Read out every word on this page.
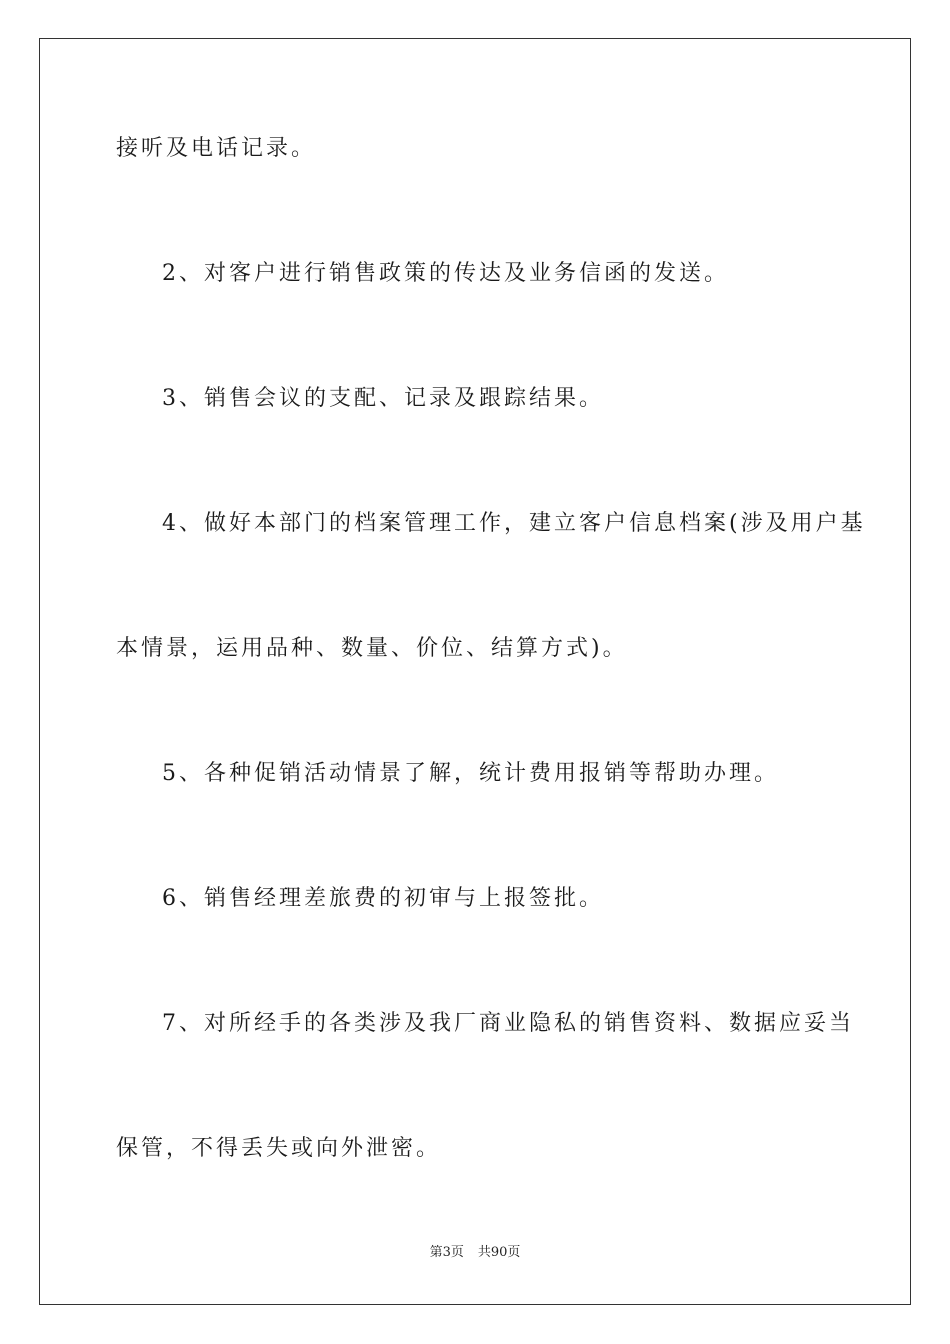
接听及电话记录。
2、对客户进行销售政策的传达及业务信函的发送。
3、销售会议的支配、记录及跟踪结果。
4、做好本部门的档案管理工作，建立客户信息档案(涉及用户基
本情景，运用品种、数量、价位、结算方式)。
5、各种促销活动情景了解，统计费用报销等帮助办理。
6、销售经理差旅费的初审与上报签批。
7、对所经手的各类涉及我厂商业隐私的销售资料、数据应妥当
保管，不得丢失或向外泄密。
第3页 共90页
